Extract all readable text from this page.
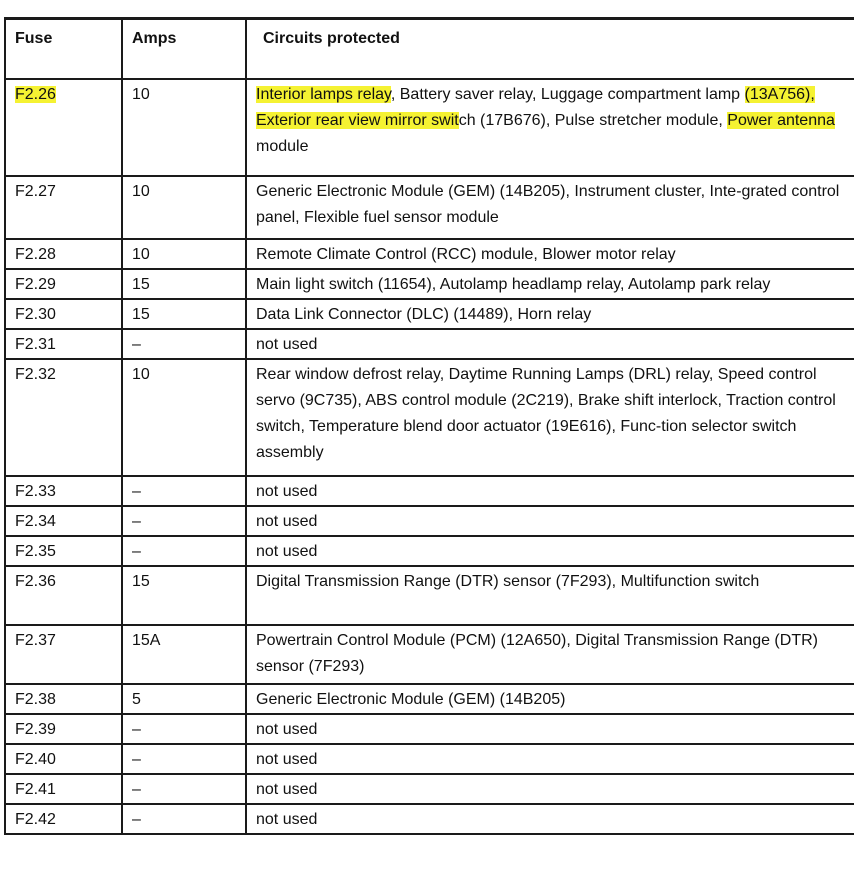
Fuse	Amps	Circuits protected
F2.26	10	Interior lamps relay, Battery saver relay, Luggage compartment lamp (13A756), Exterior rear view mirror switch (17B676), Pulse stretcher module, Power antenna module
F2.27	10	Generic Electronic Module (GEM) (14B205), Instrument cluster, Inte-grated control panel, Flexible fuel sensor module
F2.28	10	Remote Climate Control (RCC) module, Blower motor relay
F2.29	15	Main light switch (11654), Autolamp headlamp relay, Autolamp park relay
F2.30	15	Data Link Connector (DLC) (14489), Horn relay
F2.31	–	not used
F2.32	10	Rear window defrost relay, Daytime Running Lamps (DRL) relay, Speed control servo (9C735), ABS control module (2C219), Brake shift interlock, Traction control switch, Temperature blend door actuator (19E616), Func-tion selector switch assembly
F2.33	–	not used
F2.34	–	not used
F2.35	–	not used
F2.36	15	Digital Transmission Range (DTR) sensor (7F293), Multifunction switch
F2.37	15A	Powertrain Control Module (PCM) (12A650), Digital Transmission Range (DTR) sensor (7F293)
F2.38	5	Generic Electronic Module (GEM) (14B205)
F2.39	–	not used
F2.40	–	not used
F2.41	–	not used
F2.42	–	not used
